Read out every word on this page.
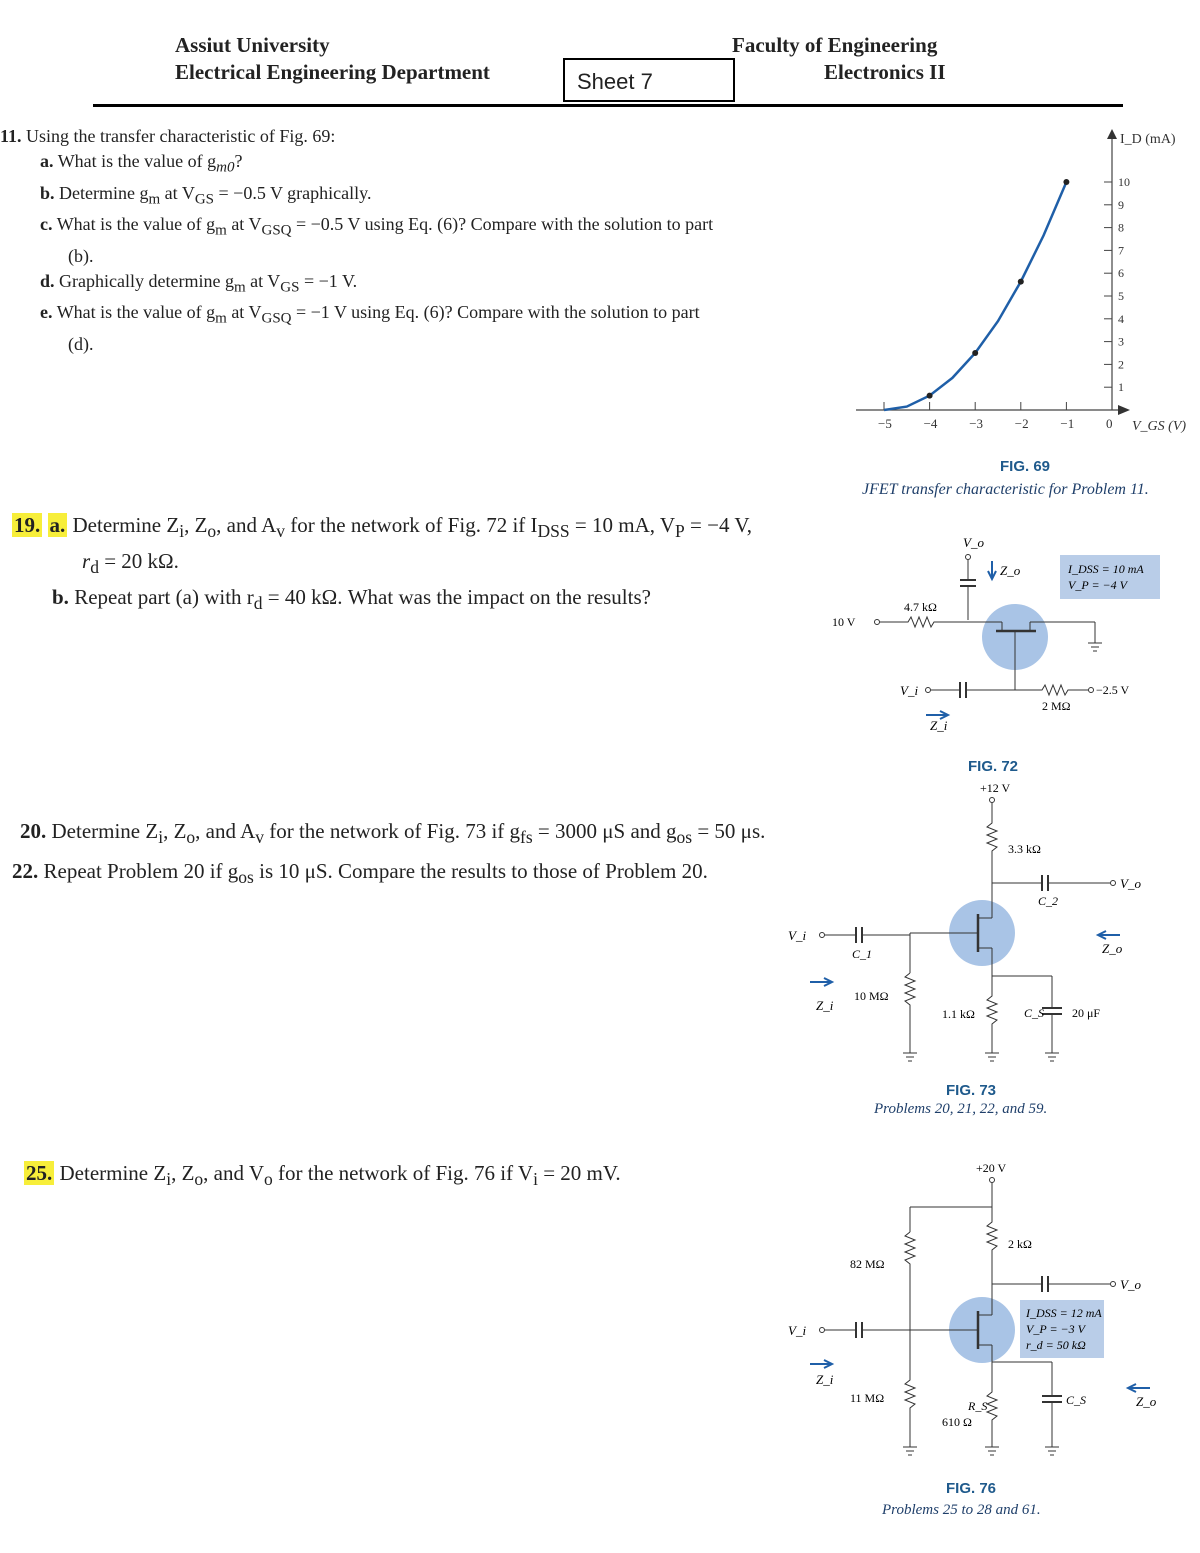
Assiut University
Electrical Engineering Department
Faculty of Engineering
Electronics II
Sheet 7
11. Using the transfer characteristic of Fig. 69:
a. What is the value of $g_{m0}$?
b. Determine $g_m$ at $V_{GS} = -0.5$ V graphically.
c. What is the value of $g_m$ at $V_{GSQ} = -0.5$ V using Eq. (6)? Compare with the solution to part
(b).
d. Graphically determine $g_m$ at $V_{GS} = -1$ V.
e. What is the value of $g_m$ at $V_{GSQ} = -1$ V using Eq. (6)? Compare with the solution to part
(d).
19. a. Determine $Z_i$, $Z_o$, and $A_v$ for the network of Fig. 72 if $I_{DSS} = 10$ mA, $V_P = -4$ V,
$r_d = 20$ kΩ.
b. Repeat part (a) with $r_d = 40$ kΩ. What was the impact on the results?
20. Determine $Z_i$, $Z_o$, and $A_v$ for the network of Fig. 73 if $g_{fs} = 3000$ μS and $g_{os} = 50$ μs.
22. Repeat Problem 20 if $g_{os}$ is 10 μS. Compare the results to those of Problem 20.
25. Determine $Z_i$, $Z_o$, and $V_o$ for the network of Fig. 76 if $V_i = 20$ mV.
I_D (mA)
V_GS (V)
−5 −4 −3 −2 −1 0
1
2
3
4
5
6
7
8
9
10
FIG. 69
JFET transfer characteristic for Problem 11.
I_DSS = 10 mA
V_P = −4 V
V_o
Z_o
10 V
4.7 kΩ
V_i	−2.5 V
2 MΩ
Z_i
FIG. 72
+12 V
3.3 kΩ
V_o
C_2
Z_o
V_i
C_1
10 MΩ
Z_i
1.1 kΩ	C_S 20 μF
FIG. 73
Problems 20, 21, 22, and 59.
+20 V
82 MΩ
2 kΩ
V_o
I_DSS = 12 mA
V_P = −3 V
r_d = 50 kΩ
V_i
Z_i
11 MΩ
R_S
610 Ω
C_S	Z_o
FIG. 76
Problems 25 to 28 and 61.
